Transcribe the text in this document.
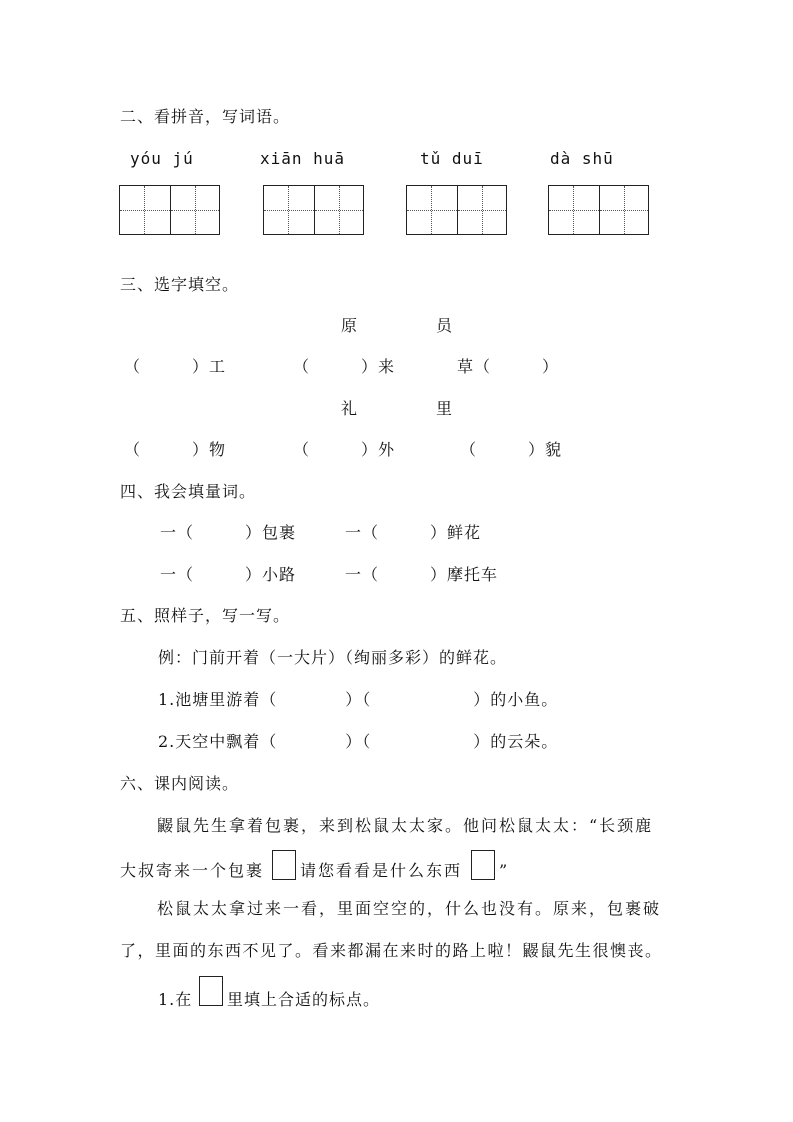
二、看拼音，写词语。
yóu jú	xiān huā	tǔ duī	dà shū
三、选字填空。
原	员
（　　　）工	（　　　）来	草（　　　）
礼	里
（　　　）物	（　　　）外	（　　　）貌
四、我会填量词。
一（　　　）包裹	一（　　　）鲜花
一（　　　）小路	一（　　　）摩托车
五、照样子，写一写。
例：门前开着（一大片）（绚丽多彩）的鲜花。
1.池塘里游着（　　　　）（　　　　　　）的小鱼。
2.天空中飘着（　　　　）（　　　　　　）的云朵。
六、课内阅读。
鼹鼠先生拿着包裹，来到松鼠太太家。他问松鼠太太：“长颈鹿
大叔寄来一个包裹 请您看看是什么东西 ”
松鼠太太拿过来一看，里面空空的，什么也没有。原来，包裹破
了，里面的东西不见了。看来都漏在来时的路上啦！鼹鼠先生很懊丧。
1.在 里填上合适的标点。
